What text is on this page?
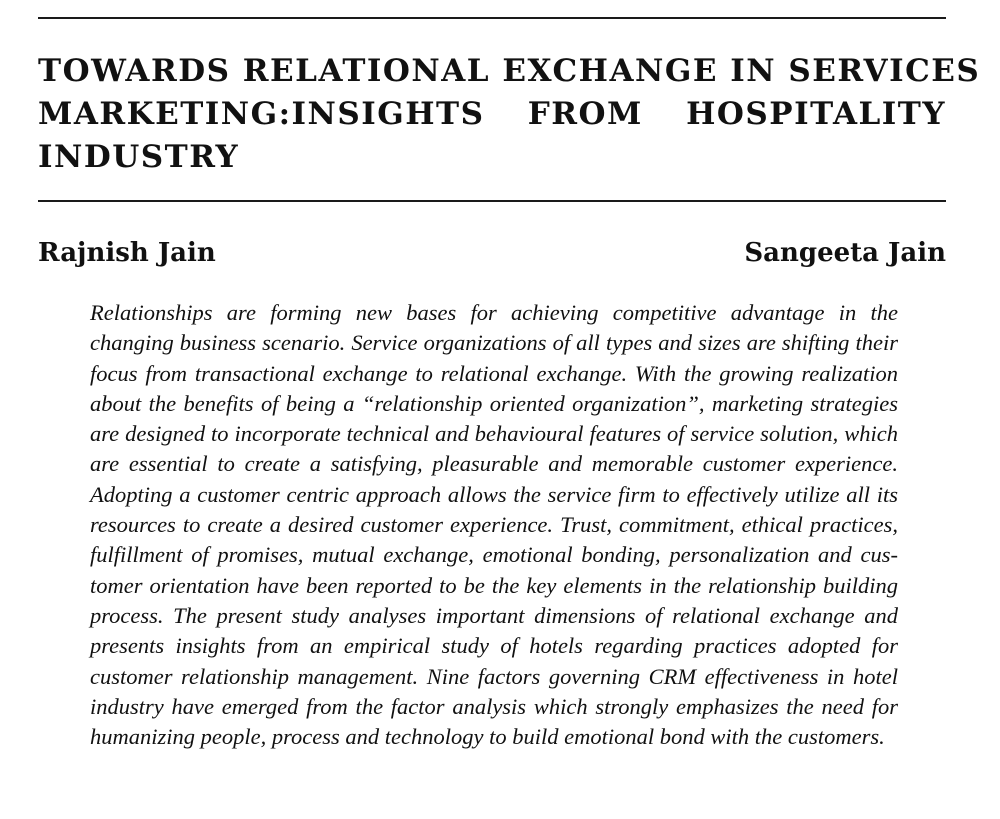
TOWARDS RELATIONAL EXCHANGE IN SERVICES
MARKETING:INSIGHTS FROM HOSPITALITY
INDUSTRY
Rajnish Jain	Sangeeta Jain

Relationships are forming new bases for achieving competitive advantage in the changing business scenario. Service organizations of all types and sizes are shifting their focus from transactional exchange to relational exchange. With the growing realization about the benefits of being a “relationship oriented organization”, marketing strategies are designed to incorporate technical and behavioural features of service solution, which are essential to create a satisfying, pleasurable and memorable customer experience. Adopting a customer centric approach allows the service firm to effectively utilize all its resources to create a desired customer experience. Trust, commitment, ethical practices, fulfillment of promises, mutual exchange, emotional bonding, personalization and customer orientation have been reported to be the key elements in the relationship building process. The present study analyses important dimensions of relational exchange and presents insights from an empirical study of hotels regarding practices adopted for customer relationship management. Nine factors governing CRM effectiveness in hotel industry have emerged from the factor analysis which strongly emphasizes the need for humanizing people, process and technology to build emotional bond with the customers.
